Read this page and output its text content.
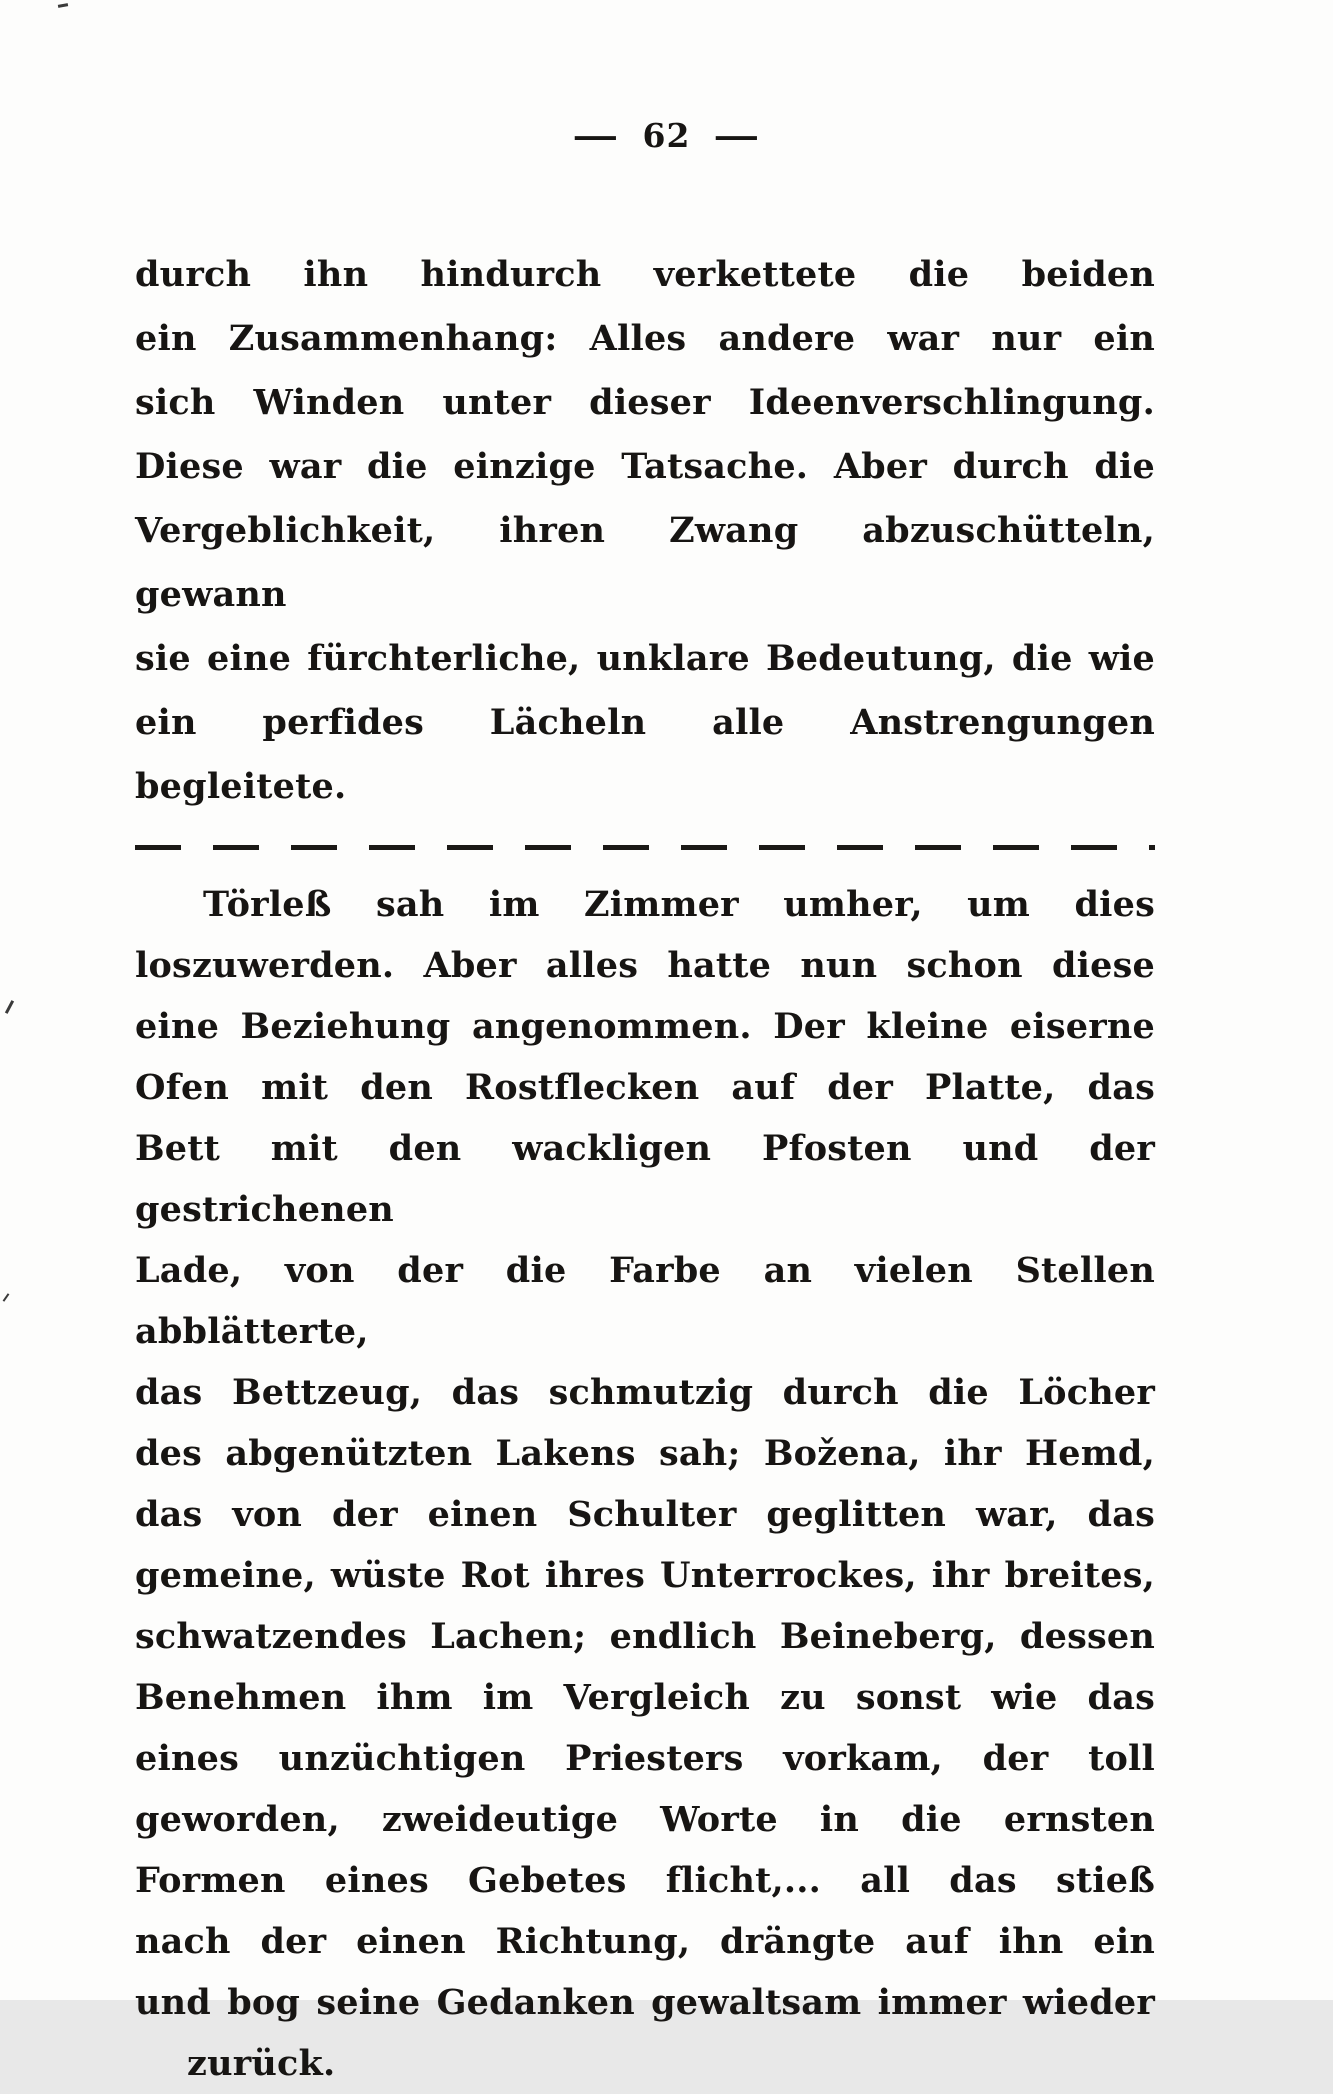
— 62 —
durch ihn hindurch verkettete die beiden
ein Zusammenhang: Alles andere war nur ein
sich Winden unter dieser Ideenverschlingung.
Diese war die einzige Tatsache. Aber durch die
Vergeblichkeit, ihren Zwang abzuschütteln, gewann
sie eine fürchterliche, unklare Bedeutung, die wie
ein perfides Lächeln alle Anstrengungen begleitete.
Törleß sah im Zimmer umher, um dies
loszuwerden. Aber alles hatte nun schon diese
eine Beziehung angenommen. Der kleine eiserne
Ofen mit den Rostflecken auf der Platte, das
Bett mit den wackligen Pfosten und der gestrichenen
Lade, von der die Farbe an vielen Stellen abblätterte,
das Bettzeug, das schmutzig durch die Löcher
des abgenützten Lakens sah; Božena, ihr Hemd,
das von der einen Schulter geglitten war, das
gemeine, wüste Rot ihres Unterrockes, ihr breites,
schwatzendes Lachen; endlich Beineberg, dessen
Benehmen ihm im Vergleich zu sonst wie das
eines unzüchtigen Priesters vorkam, der toll
geworden, zweideutige Worte in die ernsten
Formen eines Gebetes flicht,... all das stieß
nach der einen Richtung, drängte auf ihn ein
und bog seine Gedanken gewaltsam immer wieder
zurück.
